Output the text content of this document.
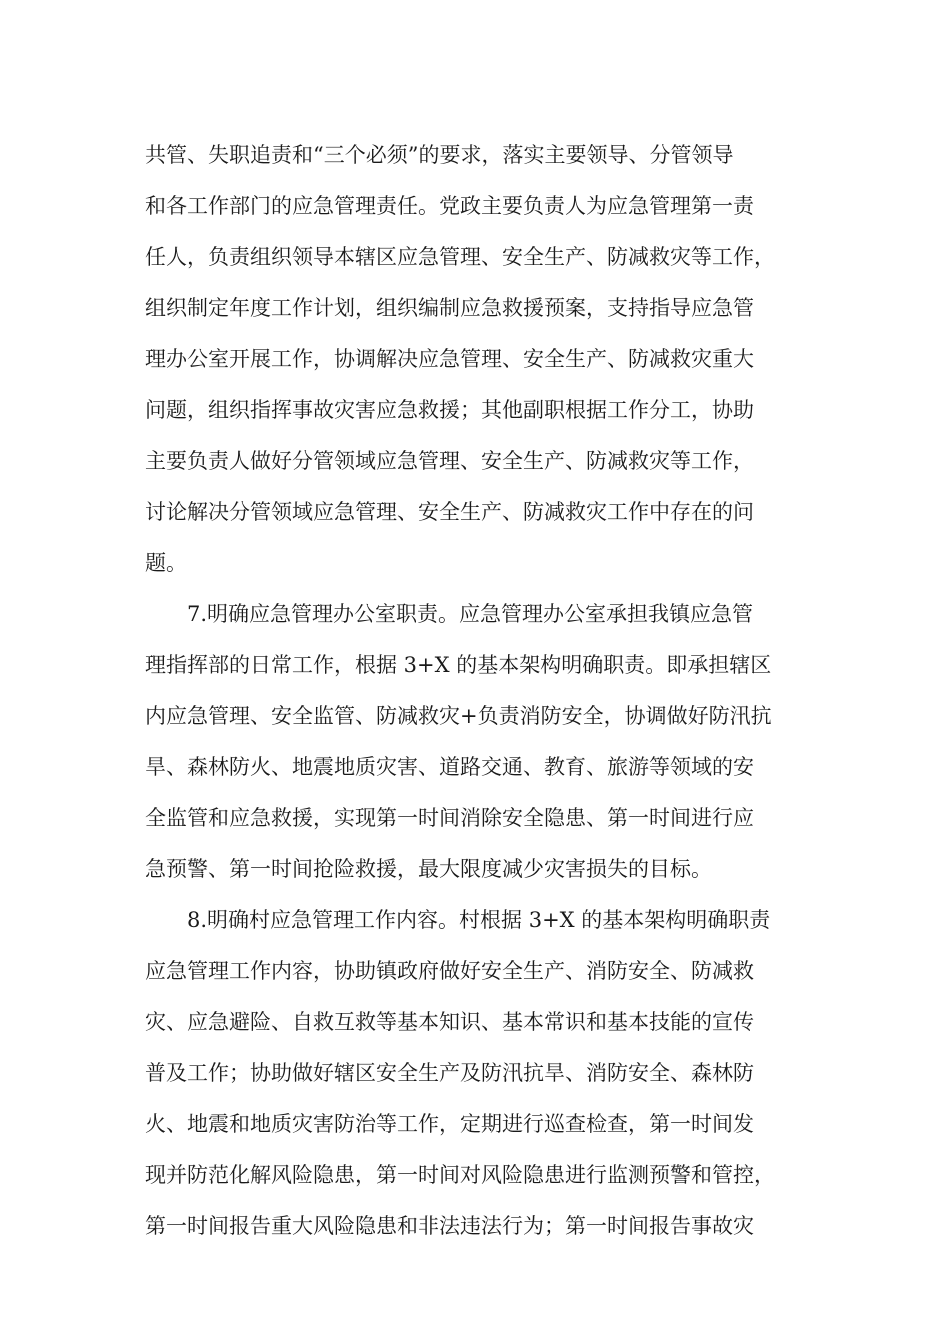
共管、失职追责和“三个必须”的要求，落实主要领导、分管领导
和各工作部门的应急管理责任。党政主要负责人为应急管理第一责
任人，负责组织领导本辖区应急管理、安全生产、防减救灾等工作，
组织制定年度工作计划，组织编制应急救援预案，支持指导应急管
理办公室开展工作，协调解决应急管理、安全生产、防减救灾重大
问题，组织指挥事故灾害应急救援；其他副职根据工作分工，协助
主要负责人做好分管领域应急管理、安全生产、防减救灾等工作，
讨论解决分管领域应急管理、安全生产、防减救灾工作中存在的问
题。
7.明确应急管理办公室职责。应急管理办公室承担我镇应急管
理指挥部的日常工作，根据 3+X 的基本架构明确职责。即承担辖区
内应急管理、安全监管、防减救灾+负责消防安全，协调做好防汛抗
旱、森林防火、地震地质灾害、道路交通、教育、旅游等领域的安
全监管和应急救援，实现第一时间消除安全隐患、第一时间进行应
急预警、第一时间抢险救援，最大限度减少灾害损失的目标。
8.明确村应急管理工作内容。村根据 3+X 的基本架构明确职责
应急管理工作内容，协助镇政府做好安全生产、消防安全、防减救
灾、应急避险、自救互救等基本知识、基本常识和基本技能的宣传
普及工作；协助做好辖区安全生产及防汛抗旱、消防安全、森林防
火、地震和地质灾害防治等工作，定期进行巡查检查，第一时间发
现并防范化解风险隐患，第一时间对风险隐患进行监测预警和管控，
第一时间报告重大风险隐患和非法违法行为；第一时间报告事故灾
